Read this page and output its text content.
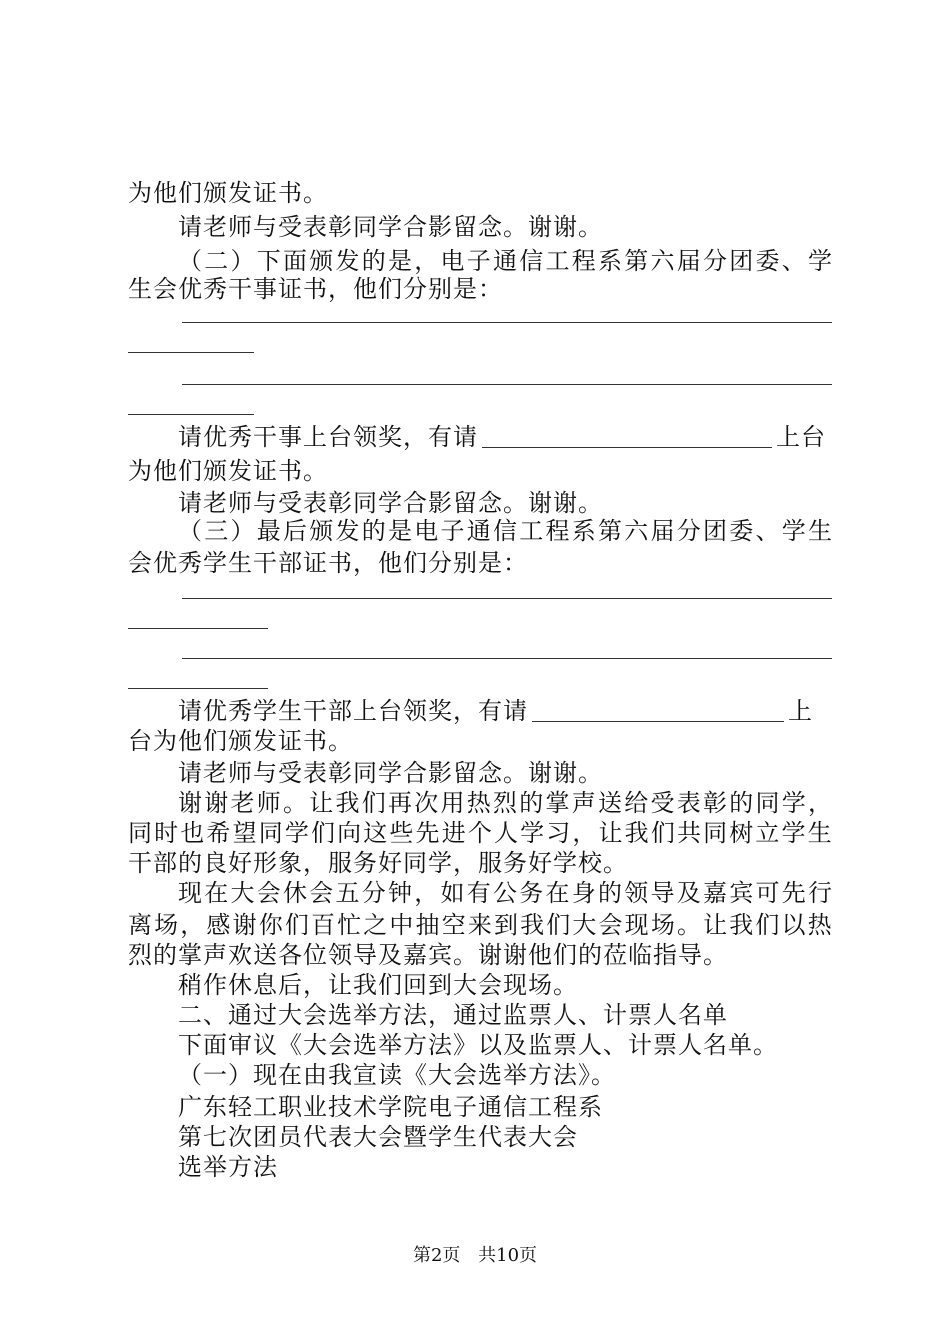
为他们颁发证书。
请老师与受表彰同学合影留念。谢谢。
（ 二 ） 下 面 颁 发 的 是 ， 电 子 通 信 工 程 系 第 六 届 分 团 委 、 学
生会优秀干事证书，他们分别是：
请优秀干事上台领奖，有请	上台
为他们颁发证书。
请老师与受表彰同学合影留念。谢谢。
（ 三 ） 最 后 颁 发 的 是 电 子 通 信 工 程 系 第 六 届 分 团 委 、 学 生
会优秀学生干部证书，他们分别是：
请优秀学生干部上台领奖，有请	上
台为他们颁发证书。
请老师与受表彰同学合影留念。谢谢。
谢 谢 老 师 。 让 我 们 再 次 用 热 烈 的 掌 声 送 给 受 表 彰 的 同 学 ，
同 时 也 希 望 同 学 们 向 这 些 先 进 个 人 学 习 ， 让 我 们 共 同 树 立 学 生
干部的良好形象，服务好同学，服务好学校。
现 在 大 会 休 会 五 分 钟 ， 如 有 公 务 在 身 的 领 导 及 嘉 宾 可 先 行
离 场 ， 感 谢 你 们 百 忙 之 中 抽 空 来 到 我 们 大 会 现 场 。 让 我 们 以 热
烈的掌声欢送各位领导及嘉宾。谢谢他们的莅临指导。
稍作休息后，让我们回到大会现场。
二、通过大会选举方法，通过监票人、计票人名单
下面审议《大会选举方法》以及监票人、计票人名单。
（一）现在由我宣读《大会选举方法》。
广东轻工职业技术学院电子通信工程系
第七次团员代表大会暨学生代表大会
选举方法
第2页 共10页
